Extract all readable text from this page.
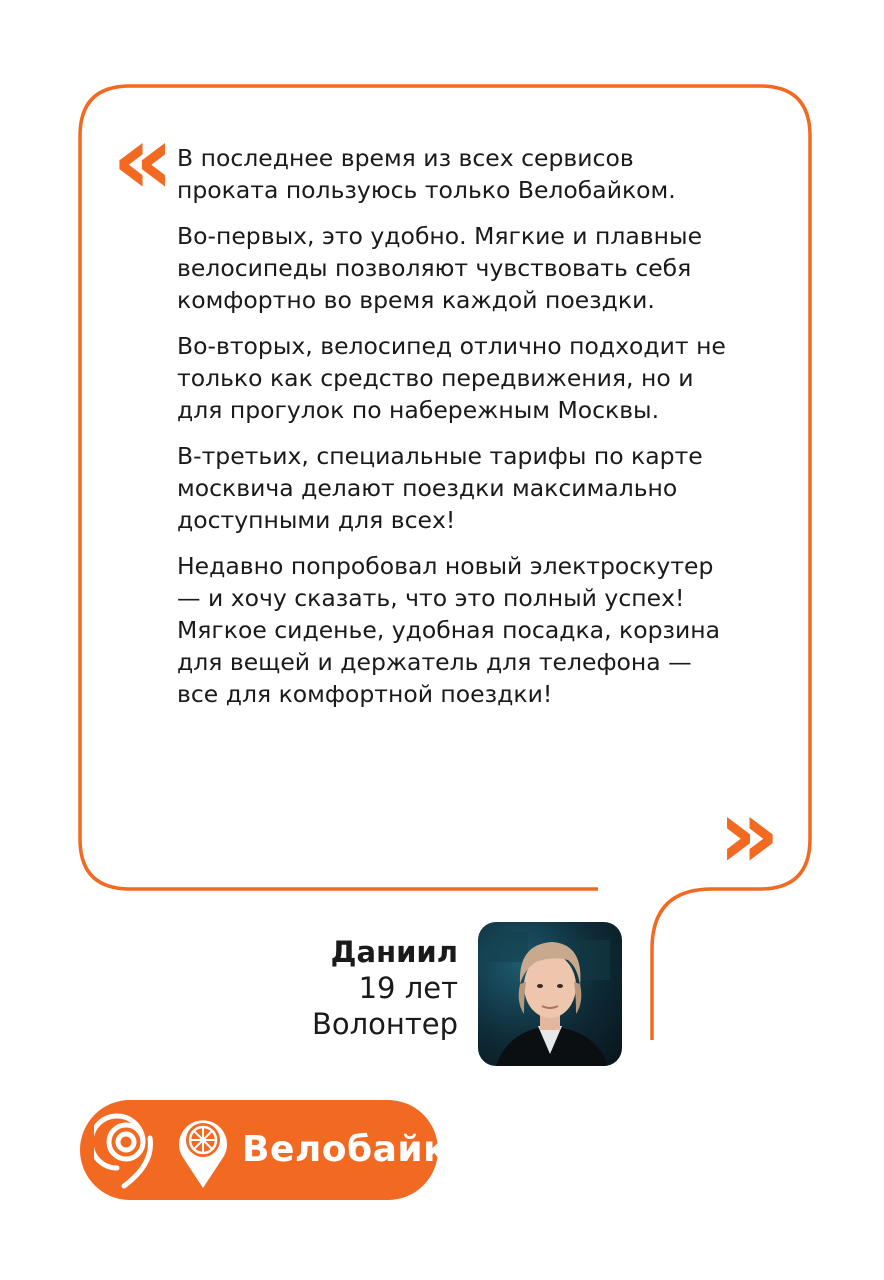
« В последнее время из всех сервисов проката пользуюсь только Велобайком.

Во-первых, это удобно. Мягкие и плавные велосипеды позволяют чувствовать себя комфортно во время каждой поездки.

Во-вторых, велосипед отлично подходит не только как средство передвижения, но и для прогулок по набережным Москвы.

В-третьих, специальные тарифы по карте москвича делают поездки максимально доступными для всех!

Недавно попробовал новый электроскутер — и хочу сказать, что это полный успех! Мягкое сиденье, удобная посадка, корзина для вещей и держатель для телефона — все для комфортной поездки!

»
Даниил
19 лет
Волонтер
Велобайк
